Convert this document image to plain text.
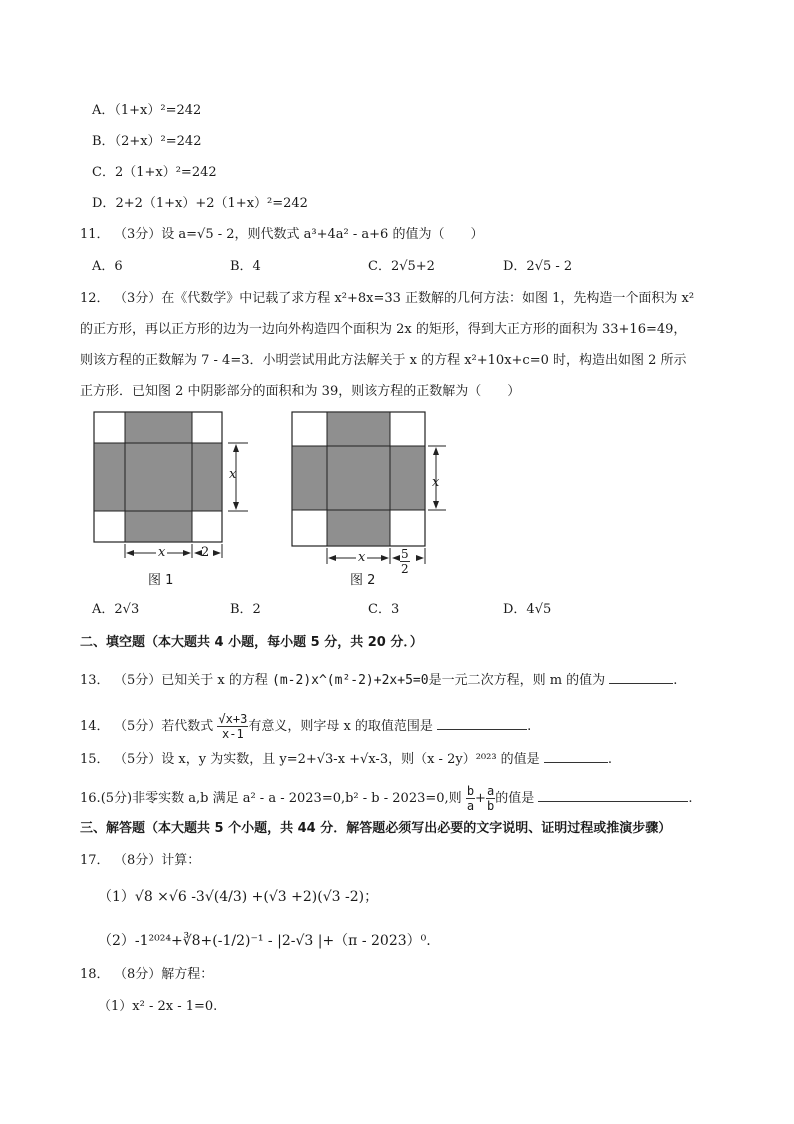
A．（1+x）²=242
B．（2+x）²=242
C．2（1+x）²=242
D．2+2（1+x）+2（1+x）²=242
11． （3分）设 a=√5 - 2，则代数式 a³+4a² - a+6 的值为（　　）
A．6	B．4	C．2√5+2	D．2√5 - 2
12． （3分）在《代数学》中记载了求方程 x²+8x=33 正数解的几何方法：如图 1，先构造一个面积为 x²
的正方形，再以正方形的边为一边向外构造四个面积为 2x 的矩形，得到大正方形的面积为 33+16=49，
则该方程的正数解为 7 - 4=3．小明尝试用此方法解关于 x 的方程 x²+10x+c=0 时，构造出如图 2 所示
正方形．已知图 2 中阴影部分的面积和为 39，则该方程的正数解为（　　）
x
x	2
图 1
x
x	$\frac{5}{2}$
图 2
A．2√3	B．2	C．3	D．4√5
二、填空题（本大题共 4 小题，每小题 5 分，共 20 分．）
13． （5分）已知关于 x 的方程 (m-2)x^(m²-2)+2x+5=0是一元二次方程，则 m 的值为	.
14． （5分）若代数式 $\frac{√x+3}{x-1}$ 有意义，则字母 x 的取值范围是	.
15． （5分）设 x，y 为实数，且 y=2+√3-x +√x-3，则（x - 2y）²⁰²³ 的值是	.
16.(5分)非零实数 a,b 满足 a² - a - 2023=0,b² - b - 2023=0,则 $\frac{b}{a} + \frac{a}{b}$ 的值是	.
三、解答题（本大题共 5 个小题，共 44 分．解答题必须写出必要的文字说明、证明过程或推演步骤）
17． （8分）计算：
（1）√8 ×√6 -3√(4/3) +(√3 +2)(√3 -2)；
（2）-1²⁰²⁴+∛8+(-1/2)⁻¹ - |2-√3 |+（π - 2023）⁰.
18． （8分）解方程：
（1）x² - 2x - 1=0.
